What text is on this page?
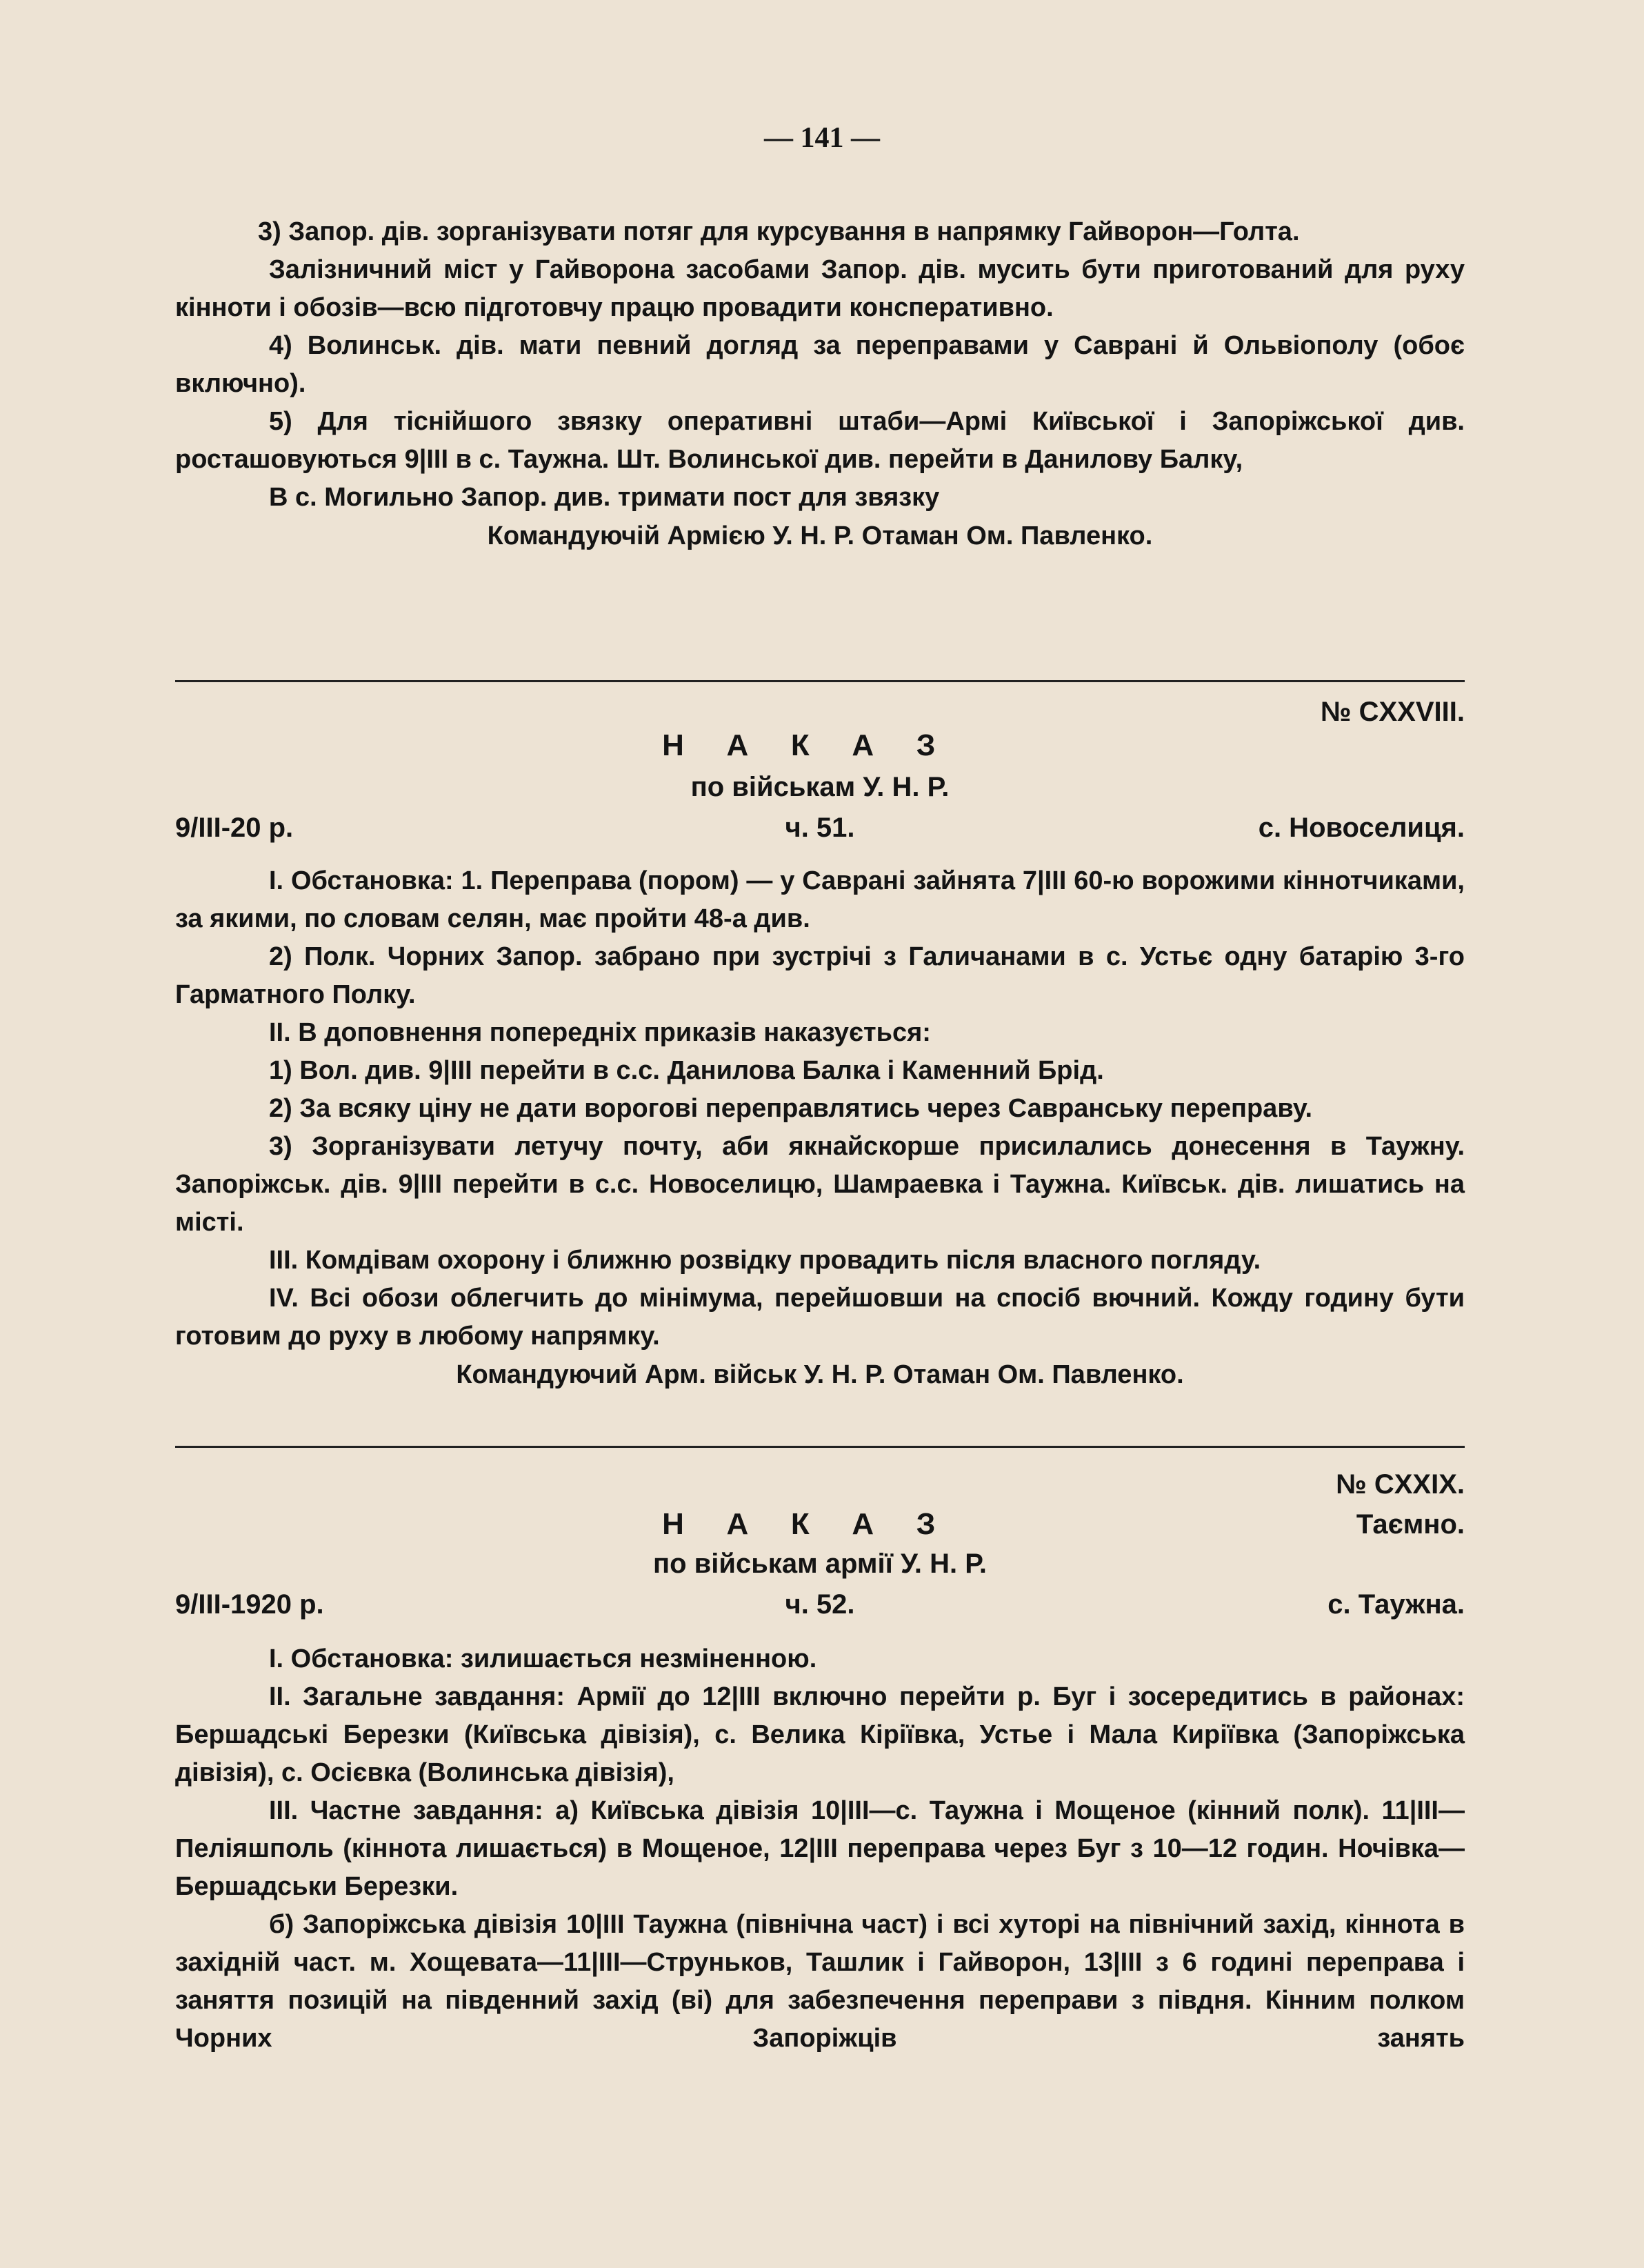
— 141 —

3) Запор. дів. зорганізувати потяг для курсування в напрямку Гайворон—Голта.

Залізничний міст у Гайворона засобами Запор. дів. мусить бути приготований для руху кінноти і обозів—всю підготовчу працю провадити консперативно.

4) Волинськ. дів. мати певний догляд за переправами у Саврані й Ольвіополу (обоє включно).

5) Для тіснійшого звязку оперативні штаби—Армі Київської і Запоріжської див. росташовуються 9|III в с. Таужна. Шт. Волинської див. перейти в Данилову Балку,

В с. Могильно Запор. див. тримати пост для звязку

Командуючій Армією У. Н. Р. Отаман Ом. Павленко.

№ CXXVIII.

НАКАЗ

по військам У. Н. Р.

9/III-20 р.	ч. 51.	с. Новоселиця.

I. Обстановка: 1. Переправа (пором) — у Саврані зайнята 7|III 60-ю ворожими кіннотчиками, за якими, по словам селян, має пройти 48-а див.

2) Полк. Чорних Запор. забрано при зустрічі з Галичанами в с. Устьє одну батарію 3-го Гарматного Полку.

II. В доповнення попередніх приказів наказується:

1) Вол. див. 9|III перейти в с.с. Данилова Балка і Каменний Брід.

2) За всяку ціну не дати ворогові переправлятись через Савранську переправу.

3) Зорганізувати летучу почту, аби якнайскорше присилались донесення в Таужну. Запоріжськ. дів. 9|III перейти в с.с. Новоселицю, Шамраевка і Таужна. Київськ. дів. лишатись на місті.

III. Комдівам охорону і ближню розвідку провадить після власного погляду.

IV. Всі обози облегчить до мінімума, перейшовши на спосіб вючний. Кожду годину бути готовим до руху в любому напрямку.

Командуючий Арм. військ У. Н. Р. Отаман Ом. Павленко.

№ CXXIX.
НАКАЗ	Таємно.

по військам армії У. Н. Р.

9/III-1920 р.	ч. 52.	с. Таужна.

I. Обстановка: зилишається незміненною.

II. Загальне завдання: Армії до 12|III включно перейти р. Буг і зосередитись в районах: Бершадські Березки (Київська дівізія), с. Велика Кіріївка, Устье і Мала Киріївка (Запоріжська дівізія), с. Осієвка (Волинська дівізія),

III. Частне завдання: а) Київська дівізія 10|III—с. Таужна і Мощеное (кінний полк). 11|III—Пеліяшполь (кіннота лишається) в Мощеное, 12|III переправа через Буг з 10—12 годин. Ночівка—Бершадськи Березки.

б) Запоріжська дівізія 10|III Таужна (північна част) і всі хуторі на північний захід, кіннота в західній част. м. Хощевата—11|III—Струньков, Ташлик і Гайворон, 13|III з 6 годині переправа і заняття позицій на південний захід (ві) для забезпечення переправи з півдня. Кінним полком Чорних Запоріжців занять
